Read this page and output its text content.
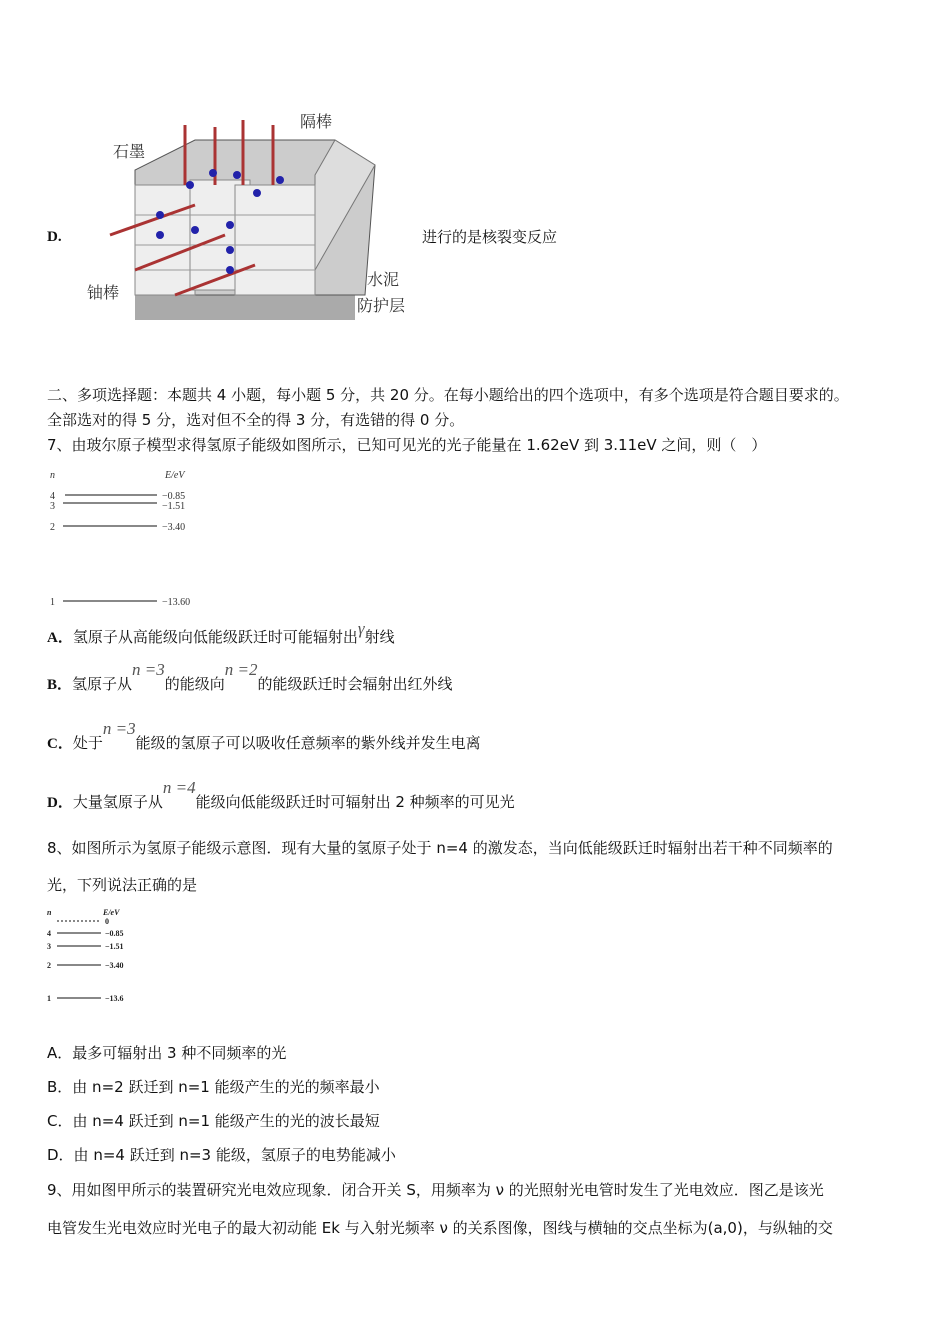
D.
石墨
隔棒
铀棒
水泥
防护层
进行的是核裂变反应
二、多项选择题：本题共 4 小题，每小题 5 分，共 20 分。在每小题给出的四个选项中，有多个选项是符合题目要求的。
全部选对的得 5 分，选对但不全的得 3 分，有选错的得 0 分。
7、由玻尔原子模型求得氢原子能级如图所示，已知可见光的光子能量在 1.62eV 到 3.11eV 之间，则（　）
n	E/eV
4	−0.85
3	−1.51
2	−3.40
1	−13.60
A．氢原子从高能级向低能级跃迁时可能辐射出γ射线
B．氢原子从n =3的能级向n =2的能级跃迁时会辐射出红外线
C．处于n =3能级的氢原子可以吸收任意频率的紫外线并发生电离
D．大量氢原子从n =4能级向低能级跃迁时可辐射出 2 种频率的可见光
8、如图所示为氢原子能级示意图．现有大量的氢原子处于 n=4 的激发态，当向低能级跃迁时辐射出若干种不同频率的
光，下列说法正确的是
n	E/eV
0
4	−0.85
3	−1.51
2	−3.40
1	−13.6
A．最多可辐射出 3 种不同频率的光
B．由 n=2 跃迁到 n=1 能级产生的光的频率最小
C．由 n=4 跃迁到 n=1 能级产生的光的波长最短
D．由 n=4 跃迁到 n=3 能级，氢原子的电势能减小
9、用如图甲所示的装置研究光电效应现象．闭合开关 S，用频率为 ν 的光照射光电管时发生了光电效应．图乙是该光
电管发生光电效应时光电子的最大初动能 Ek 与入射光频率 ν 的关系图像，图线与横轴的交点坐标为(a,0)，与纵轴的交
